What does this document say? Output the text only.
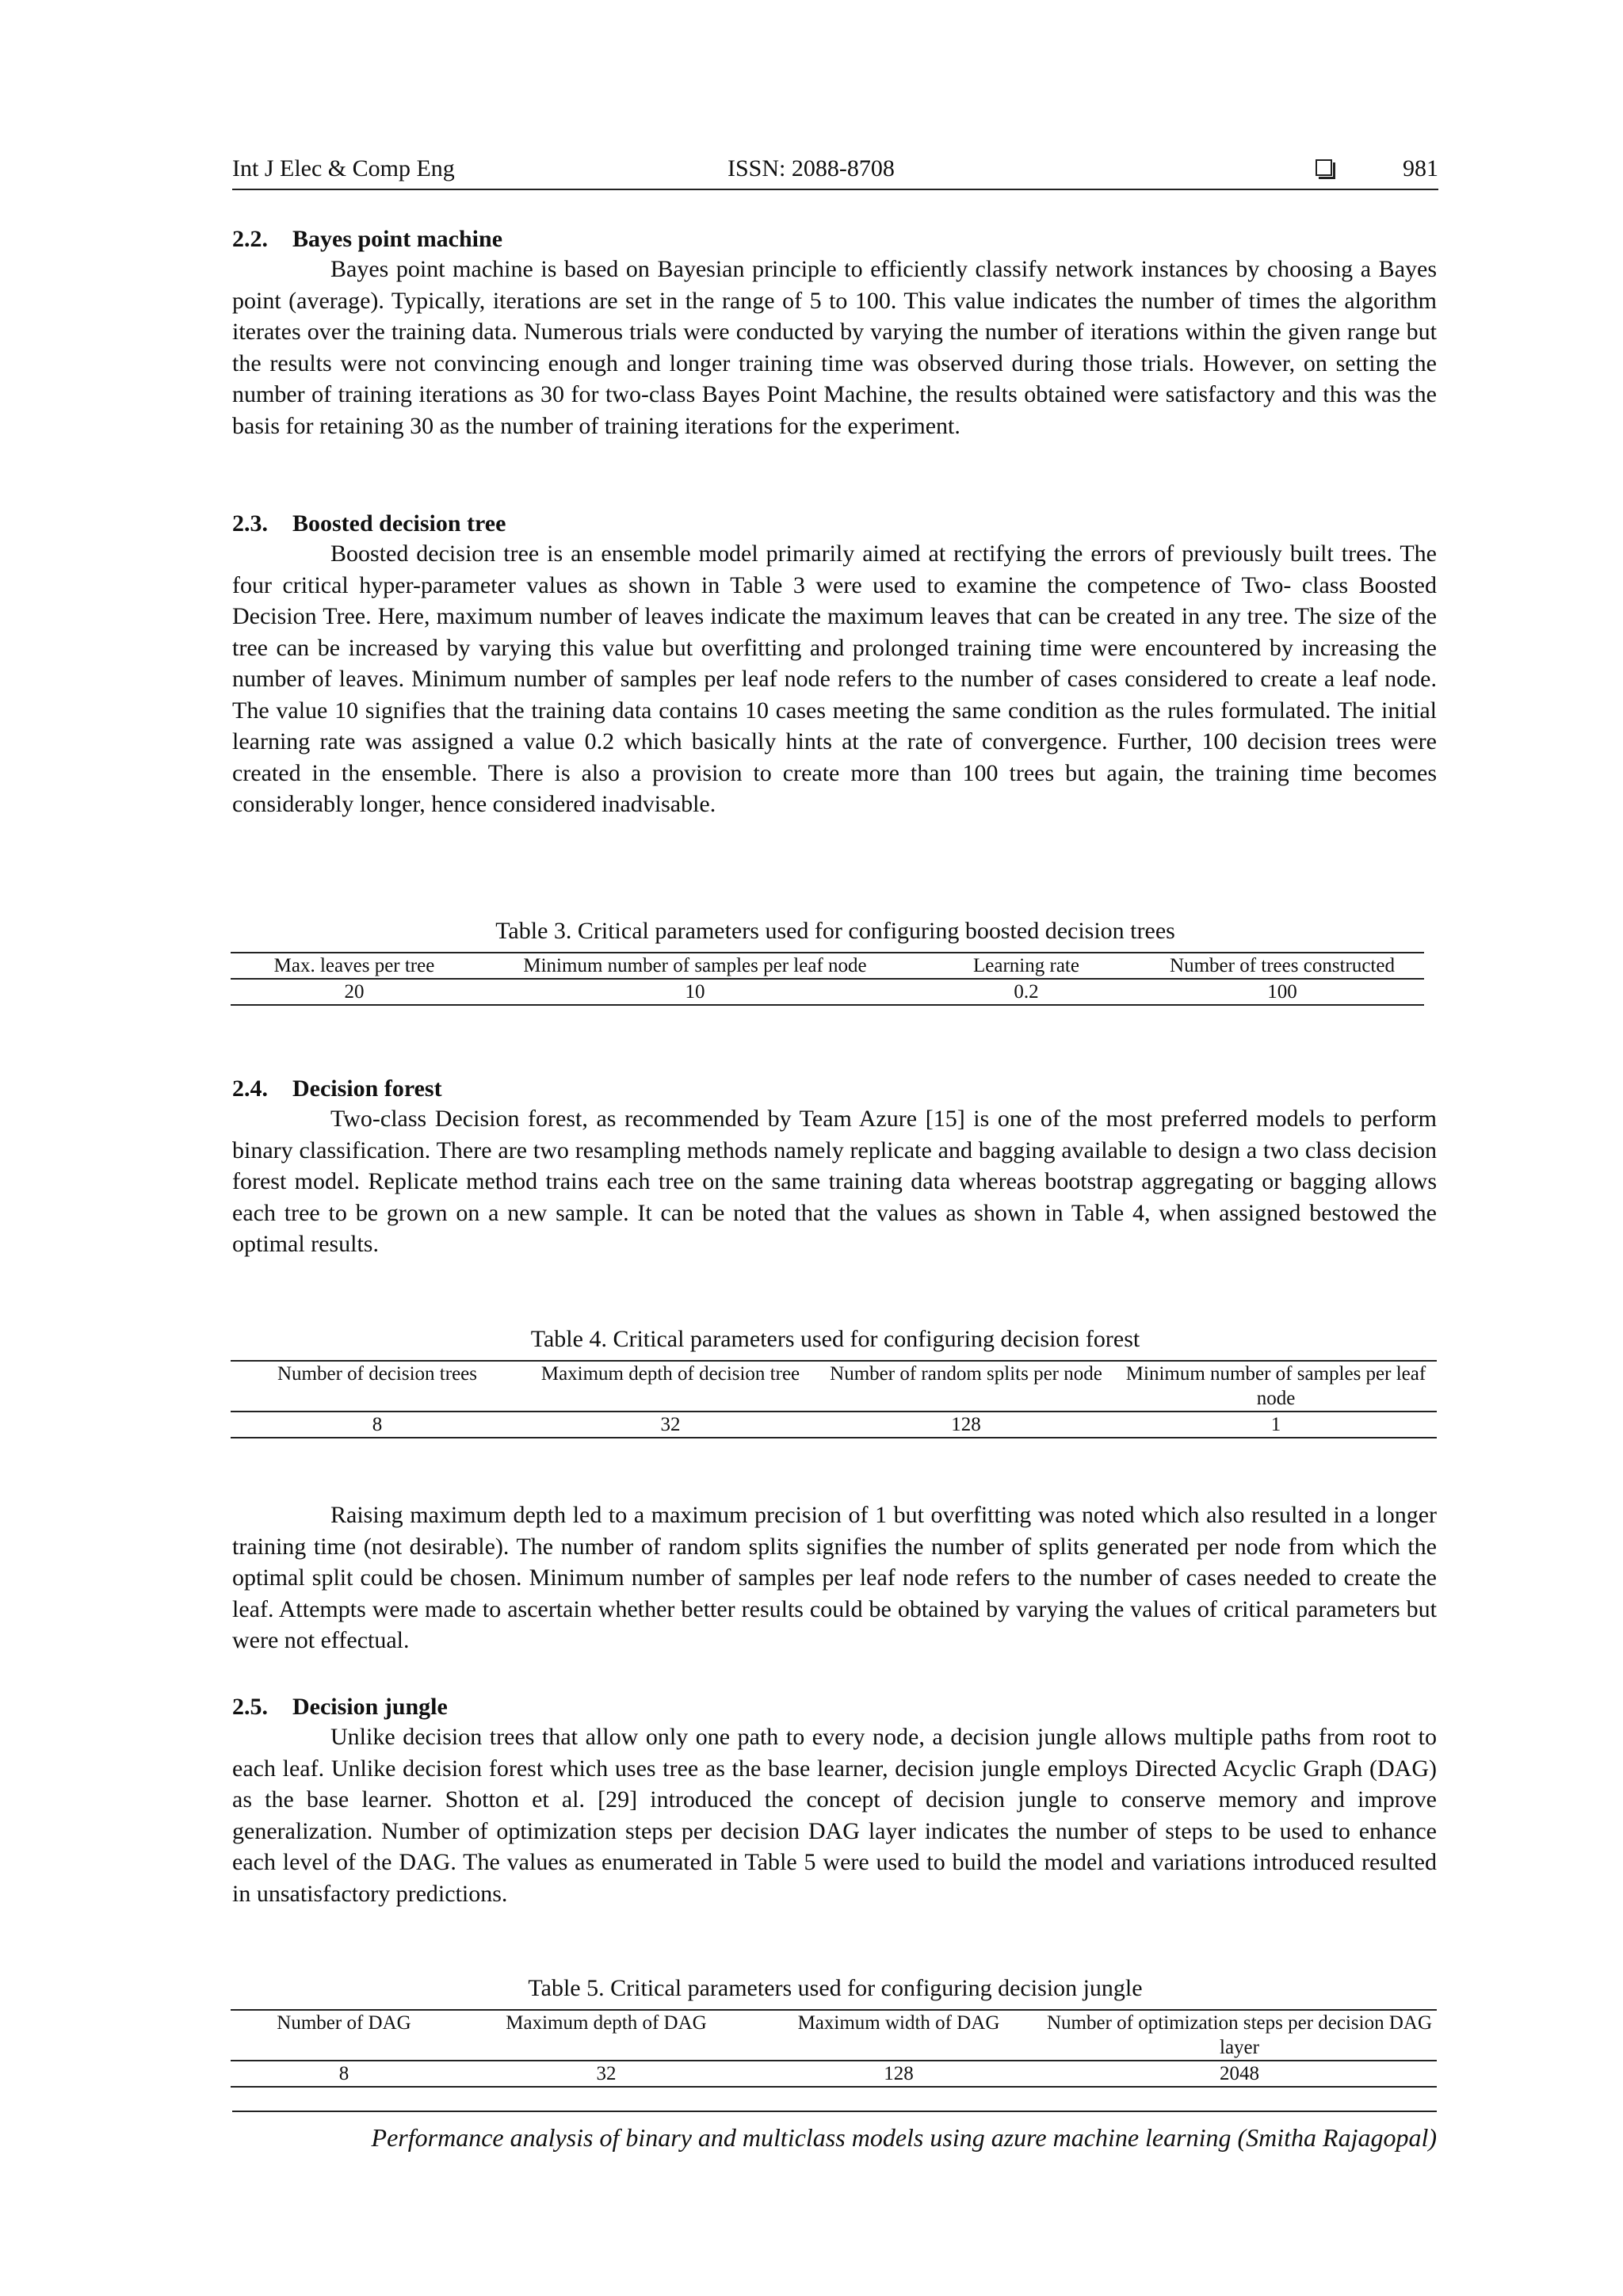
Int J Elec & Comp Eng	ISSN: 2088-8708	981
2.2. Bayes point machine
Bayes point machine is based on Bayesian principle to efficiently classify network instances by choosing a Bayes point (average). Typically, iterations are set in the range of 5 to 100. This value indicates the number of times the algorithm iterates over the training data. Numerous trials were conducted by varying the number of iterations within the given range but the results were not convincing enough and longer training time was observed during those trials. However, on setting the number of training iterations as 30 for two-class Bayes Point Machine, the results obtained were satisfactory and this was the basis for retaining 30 as the number of training iterations for the experiment.
2.3. Boosted decision tree
Boosted decision tree is an ensemble model primarily aimed at rectifying the errors of previously built trees. The four critical hyper-parameter values as shown in Table 3 were used to examine the competence of Two- class Boosted Decision Tree. Here, maximum number of leaves indicate the maximum leaves that can be created in any tree. The size of the tree can be increased by varying this value but overfitting and prolonged training time were encountered by increasing the number of leaves. Minimum number of samples per leaf node refers to the number of cases considered to create a leaf node. The value 10 signifies that the training data contains 10 cases meeting the same condition as the rules formulated. The initial learning rate was assigned a value 0.2 which basically hints at the rate of convergence. Further, 100 decision trees were created in the ensemble. There is also a provision to create more than 100 trees but again, the training time becomes considerably longer, hence considered inadvisable.
Table 3. Critical parameters used for configuring boosted decision trees
Max. leaves per tree	Minimum number of samples per leaf node	Learning rate	Number of trees constructed
20	10	0.2	100
2.4. Decision forest
Two-class Decision forest, as recommended by Team Azure [15] is one of the most preferred models to perform binary classification. There are two resampling methods namely replicate and bagging available to design a two class decision forest model. Replicate method trains each tree on the same training data whereas bootstrap aggregating or bagging allows each tree to be grown on a new sample. It can be noted that the values as shown in Table 4, when assigned bestowed the optimal results.
Table 4. Critical parameters used for configuring decision forest
Number of decision trees	Maximum depth of decision tree	Number of random splits per node	Minimum number of samples per leaf node
8	32	128	1
Raising maximum depth led to a maximum precision of 1 but overfitting was noted which also resulted in a longer training time (not desirable). The number of random splits signifies the number of splits generated per node from which the optimal split could be chosen. Minimum number of samples per leaf node refers to the number of cases needed to create the leaf. Attempts were made to ascertain whether better results could be obtained by varying the values of critical parameters but were not effectual.
2.5. Decision jungle
Unlike decision trees that allow only one path to every node, a decision jungle allows multiple paths from root to each leaf. Unlike decision forest which uses tree as the base learner, decision jungle employs Directed Acyclic Graph (DAG) as the base learner. Shotton et al. [29] introduced the concept of decision jungle to conserve memory and improve generalization. Number of optimization steps per decision DAG layer indicates the number of steps to be used to enhance each level of the DAG. The values as enumerated in Table 5 were used to build the model and variations introduced resulted in unsatisfactory predictions.
Table 5. Critical parameters used for configuring decision jungle
Number of DAG	Maximum depth of DAG	Maximum width of DAG	Number of optimization steps per decision DAG layer
8	32	128	2048
Performance analysis of binary and multiclass models using azure machine learning (Smitha Rajagopal)
